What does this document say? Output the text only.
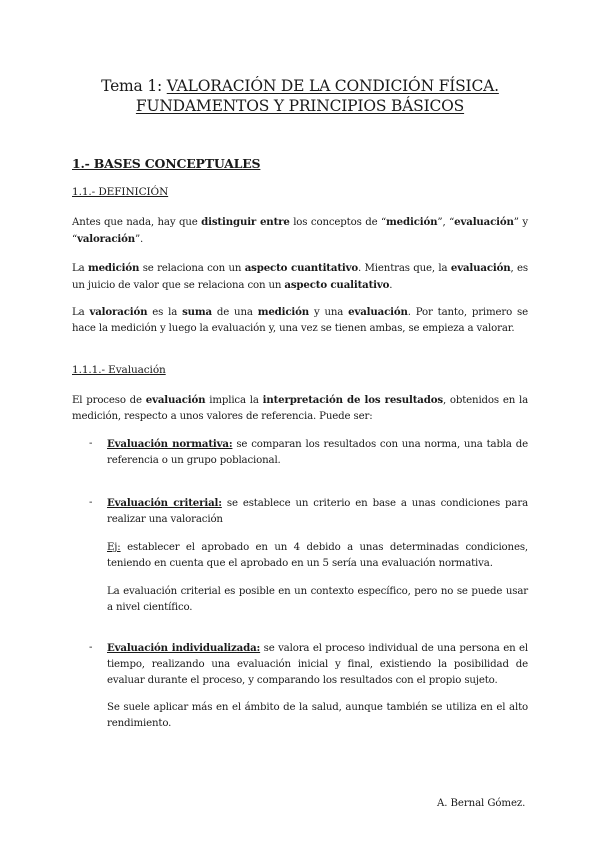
Tema 1: VALORACIÓN DE LA CONDICIÓN FÍSICA.
FUNDAMENTOS Y PRINCIPIOS BÁSICOS
1.- BASES CONCEPTUALES
1.1.- DEFINICIÓN

Antes que nada, hay que distinguir entre los conceptos de “medición”, “evaluación” y “valoración”.

La medición se relaciona con un aspecto cuantitativo. Mientras que, la evaluación, es un juicio de valor que se relaciona con un aspecto cualitativo.

La valoración es la suma de una medición y una evaluación. Por tanto, primero se hace la medición y luego la evaluación y, una vez se tienen ambas, se empieza a valorar.

1.1.1.- Evaluación

El proceso de evaluación implica la interpretación de los resultados, obtenidos en la medición, respecto a unos valores de referencia. Puede ser:

- Evaluación normativa: se comparan los resultados con una norma, una tabla de referencia o un grupo poblacional.

- Evaluación criterial: se establece un criterio en base a unas condiciones para realizar una valoración

Ej: establecer el aprobado en un 4 debido a unas determinadas condiciones, teniendo en cuenta que el aprobado en un 5 sería una evaluación normativa.

La evaluación criterial es posible en un contexto específico, pero no se puede usar a nivel científico.

- Evaluación individualizada: se valora el proceso individual de una persona en el tiempo, realizando una evaluación inicial y final, existiendo la posibilidad de evaluar durante el proceso, y comparando los resultados con el propio sujeto.

Se suele aplicar más en el ámbito de la salud, aunque también se utiliza en el alto rendimiento.

A. Bernal Gómez.
